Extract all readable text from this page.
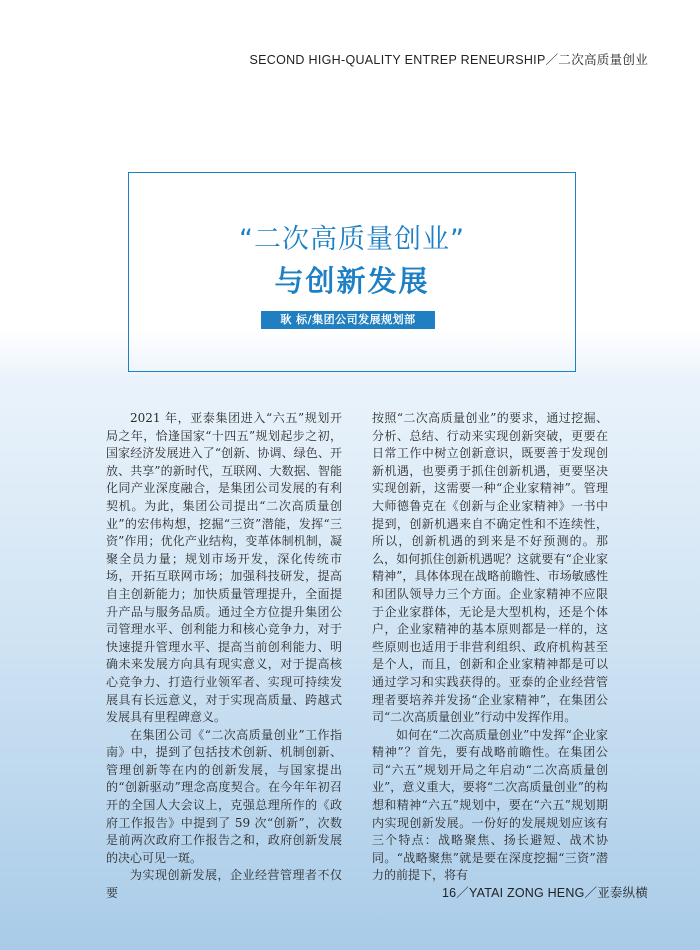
SECOND HIGH-QUALITY ENTREP RENEURSHIP／二次高质量创业
“二次高质量创业”
与创新发展
耿 标/集团公司发展规划部

2021 年，亚泰集团进入“六五”规划开局之年，恰逢国家“十四五”规划起步之初，国家经济发展进入了“创新、协调、绿色、开放、共享”的新时代，互联网、大数据、智能化同产业深度融合，是集团公司发展的有利契机。为此，集团公司提出“二次高质量创业”的宏伟构想，挖掘“三资”潜能，发挥“三资”作用；优化产业结构，变革体制机制，凝聚全员力量；规划市场开发，深化传统市场，开拓互联网市场；加强科技研发，提高自主创新能力；加快质量管理提升，全面提升产品与服务品质。通过全方位提升集团公司管理水平、创利能力和核心竞争力，对于快速提升管理水平、提高当前创利能力、明确未来发展方向具有现实意义，对于提高核心竞争力、打造行业领军者、实现可持续发展具有长远意义，对于实现高质量、跨越式发展具有里程碑意义。

在集团公司《“二次高质量创业”工作指南》中，提到了包括技术创新、机制创新、管理创新等在内的创新发展，与国家提出的“创新驱动”理念高度契合。在今年年初召开的全国人大会议上，克强总理所作的《政府工作报告》中提到了 59 次“创新”，次数是前两次政府工作报告之和，政府创新发展的决心可见一斑。

为实现创新发展，企业经营管理者不仅要

按照“二次高质量创业”的要求，通过挖掘、分析、总结、行动来实现创新突破，更要在日常工作中树立创新意识，既要善于发现创新机遇，也要勇于抓住创新机遇，更要坚决实现创新，这需要一种“企业家精神”。管理大师德鲁克在《创新与企业家精神》一书中提到，创新机遇来自不确定性和不连续性，所以，创新机遇的到来是不好预测的。那么，如何抓住创新机遇呢？这就要有“企业家精神”，具体体现在战略前瞻性、市场敏感性和团队领导力三个方面。企业家精神不应限于企业家群体，无论是大型机构，还是个体户，企业家精神的基本原则都是一样的，这些原则也适用于非营利组织、政府机构甚至是个人，而且，创新和企业家精神都是可以通过学习和实践获得的。亚泰的企业经营管理者要培养并发扬“企业家精神”，在集团公司“二次高质量创业”行动中发挥作用。

如何在“二次高质量创业”中发挥“企业家精神”？首先，要有战略前瞻性。在集团公司“六五”规划开局之年启动“二次高质量创业”，意义重大，要将“二次高质量创业”的构想和精神“六五”规划中，要在“六五”规划期内实现创新发展。一份好的发展规划应该有三个特点：战略聚焦、扬长避短、战术协同。“战略聚焦”就是要在深度挖掘“三资”潜力的前提下，将有

16／YATAI ZONG HENG／亚泰纵横
